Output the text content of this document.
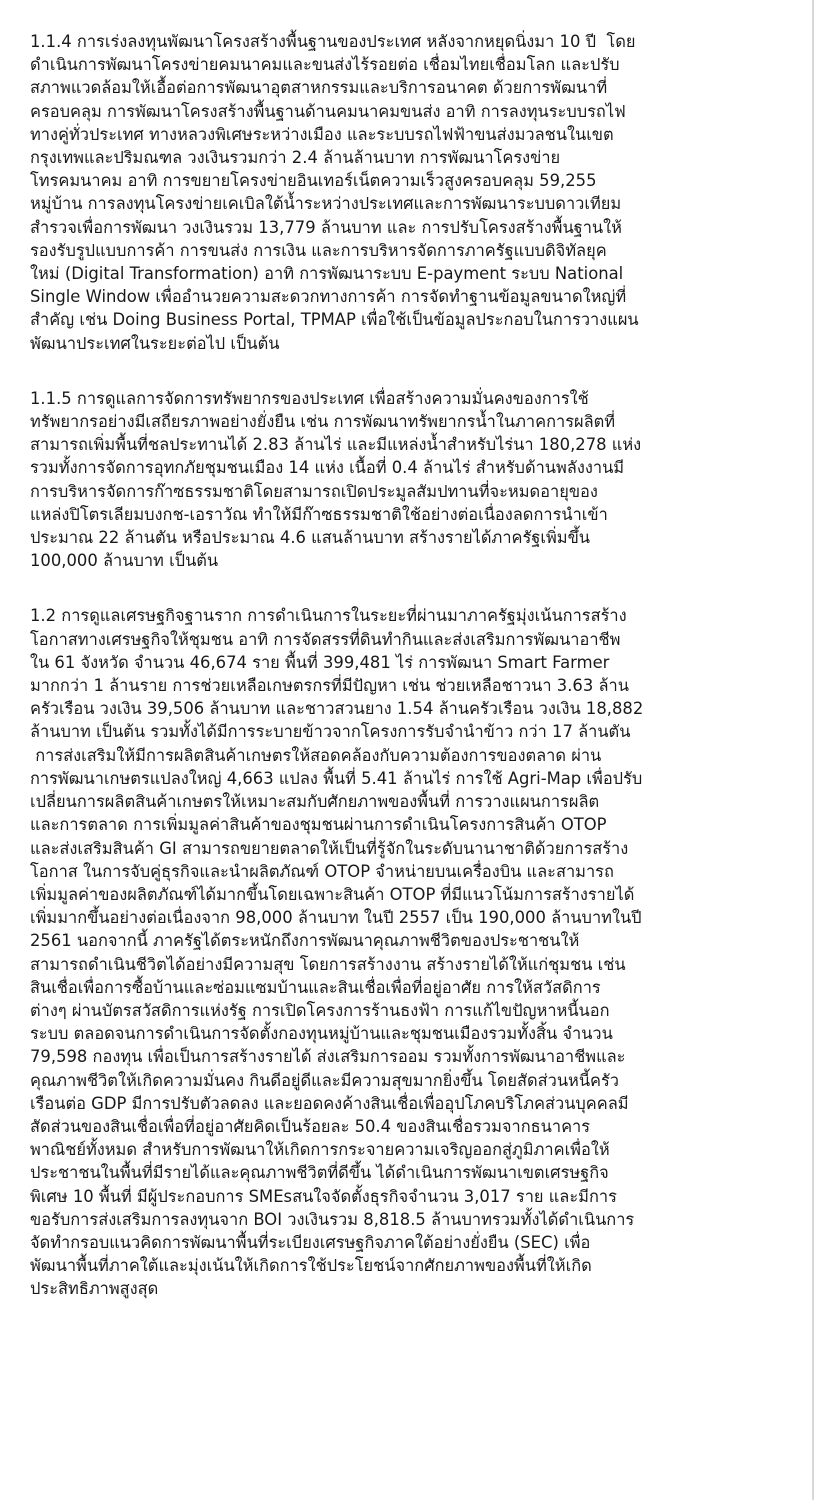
1.1.4 การเร่งลงทุนพัฒนาโครงสร้างพื้นฐานของประเทศ หลังจากหยุดนิ่งมา 10 ปี  โดย
ดำเนินการพัฒนาโครงข่ายคมนาคมและขนส่งไร้รอยต่อ เชื่อมไทยเชื่อมโลก และปรับ
สภาพแวดล้อมให้เอื้อต่อการพัฒนาอุตสาหกรรมและบริการอนาคต ด้วยการพัฒนาที่
ครอบคลุม การพัฒนาโครงสร้างพื้นฐานด้านคมนาคมขนส่ง อาทิ การลงทุนระบบรถไฟ
ทางคู่ทั่วประเทศ ทางหลวงพิเศษระหว่างเมือง และระบบรถไฟฟ้าขนส่งมวลชนในเขต
กรุงเทพและปริมณฑล วงเงินรวมกว่า 2.4 ล้านล้านบาท การพัฒนาโครงข่าย
โทรคมนาคม อาทิ การขยายโครงข่ายอินเทอร์เน็ตความเร็วสูงครอบคลุม 59,255
หมู่บ้าน การลงทุนโครงข่ายเคเบิลใต้น้ำระหว่างประเทศและการพัฒนาระบบดาวเทียม
สำรวจเพื่อการพัฒนา วงเงินรวม 13,779 ล้านบาท และ การปรับโครงสร้างพื้นฐานให้
รองรับรูปแบบการค้า การขนส่ง การเงิน และการบริหารจัดการภาครัฐแบบดิจิทัลยุค
ใหม่ (Digital Transformation) อาทิ การพัฒนาระบบ E-payment ระบบ National
Single Window เพื่ออำนวยความสะดวกทางการค้า การจัดทำฐานข้อมูลขนาดใหญ่ที่
สำคัญ เช่น Doing Business Portal, TPMAP เพื่อใช้เป็นข้อมูลประกอบในการวางแผน
พัฒนาประเทศในระยะต่อไป เป็นต้น

1.1.5 การดูแลการจัดการทรัพยากรของประเทศ เพื่อสร้างความมั่นคงของการใช้
ทรัพยากรอย่างมีเสถียรภาพอย่างยั่งยืน เช่น การพัฒนาทรัพยากรน้ำในภาคการผลิตที่
สามารถเพิ่มพื้นที่ชลประทานได้ 2.83 ล้านไร่ และมีแหล่งน้ำสำหรับไร่นา 180,278 แห่ง
รวมทั้งการจัดการอุทกภัยชุมชนเมือง 14 แห่ง เนื้อที่ 0.4 ล้านไร่ สำหรับด้านพลังงานมี
การบริหารจัดการก๊าซธรรมชาติโดยสามารถเปิดประมูลสัมปทานที่จะหมดอายุของ
แหล่งปิโตรเลียมบงกช-เอราวัณ ทำให้มีก๊าซธรรมชาติใช้อย่างต่อเนื่องลดการนำเข้า
ประมาณ 22 ล้านตัน หรือประมาณ 4.6 แสนล้านบาท สร้างรายได้ภาครัฐเพิ่มขึ้น
100,000 ล้านบาท เป็นต้น

1.2 การดูแลเศรษฐกิจฐานราก การดำเนินการในระยะที่ผ่านมาภาครัฐมุ่งเน้นการสร้าง
โอกาสทางเศรษฐกิจให้ชุมชน อาทิ การจัดสรรที่ดินทำกินและส่งเสริมการพัฒนาอาชีพ
ใน 61 จังหวัด จำนวน 46,674 ราย พื้นที่ 399,481 ไร่ การพัฒนา Smart Farmer
มากกว่า 1 ล้านราย การช่วยเหลือเกษตรกรที่มีปัญหา เช่น ช่วยเหลือชาวนา 3.63 ล้าน
ครัวเรือน วงเงิน 39,506 ล้านบาท และชาวสวนยาง 1.54 ล้านครัวเรือน วงเงิน 18,882
ล้านบาท เป็นต้น รวมทั้งได้มีการระบายข้าวจากโครงการรับจำนำข้าว กว่า 17 ล้านตัน
การส่งเสริมให้มีการผลิตสินค้าเกษตรให้สอดคล้องกับความต้องการของตลาด ผ่าน
การพัฒนาเกษตรแปลงใหญ่ 4,663 แปลง พื้นที่ 5.41 ล้านไร่ การใช้ Agri-Map เพื่อปรับ
เปลี่ยนการผลิตสินค้าเกษตรให้เหมาะสมกับศักยภาพของพื้นที่ การวางแผนการผลิต
และการตลาด การเพิ่มมูลค่าสินค้าของชุมชนผ่านการดำเนินโครงการสินค้า OTOP
และส่งเสริมสินค้า GI สามารถขยายตลาดให้เป็นที่รู้จักในระดับนานาชาติด้วยการสร้าง
โอกาส ในการจับคู่ธุรกิจและนำผลิตภัณฑ์ OTOP จำหน่ายบนเครื่องบิน และสามารถ
เพิ่มมูลค่าของผลิตภัณฑ์ได้มากขึ้นโดยเฉพาะสินค้า OTOP ที่มีแนวโน้มการสร้างรายได้
เพิ่มมากขึ้นอย่างต่อเนื่องจาก 98,000 ล้านบาท ในปี 2557 เป็น 190,000 ล้านบาทในปี
2561 นอกจากนี้ ภาครัฐได้ตระหนักถึงการพัฒนาคุณภาพชีวิตของประชาชนให้
สามารถดำเนินชีวิตได้อย่างมีความสุข โดยการสร้างงาน สร้างรายได้ให้แก่ชุมชน เช่น
สินเชื่อเพื่อการซื้อบ้านและซ่อมแซมบ้านและสินเชื่อเพื่อที่อยู่อาศัย การให้สวัสดิการ
ต่างๆ ผ่านบัตรสวัสดิการแห่งรัฐ การเปิดโครงการร้านธงฟ้า การแก้ไขปัญหาหนี้นอก
ระบบ ตลอดจนการดำเนินการจัดตั้งกองทุนหมู่บ้านและชุมชนเมืองรวมทั้งสิ้น จำนวน
79,598 กองทุน เพื่อเป็นการสร้างรายได้ ส่งเสริมการออม รวมทั้งการพัฒนาอาชีพและ
คุณภาพชีวิตให้เกิดความมั่นคง กินดีอยู่ดีและมีความสุขมากยิ่งขึ้น โดยสัดส่วนหนี้ครัว
เรือนต่อ GDP มีการปรับตัวลดลง และยอดคงค้างสินเชื่อเพื่ออุปโภคบริโภคส่วนบุคคลมี
สัดส่วนของสินเชื่อเพื่อที่อยู่อาศัยคิดเป็นร้อยละ 50.4 ของสินเชื่อรวมจากธนาคาร
พาณิชย์ทั้งหมด สำหรับการพัฒนาให้เกิดการกระจายความเจริญออกสู่ภูมิภาคเพื่อให้
ประชาชนในพื้นที่มีรายได้และคุณภาพชีวิตที่ดีขึ้น ได้ดำเนินการพัฒนาเขตเศรษฐกิจ
พิเศษ 10 พื้นที่ มีผู้ประกอบการ SMEsสนใจจัดตั้งธุรกิจจำนวน 3,017 ราย และมีการ
ขอรับการส่งเสริมการลงทุนจาก BOI วงเงินรวม 8,818.5 ล้านบาทรวมทั้งได้ดำเนินการ
จัดทำกรอบแนวคิดการพัฒนาพื้นที่ระเบียงเศรษฐกิจภาคใต้อย่างยั่งยืน (SEC) เพื่อ
พัฒนาพื้นที่ภาคใต้และมุ่งเน้นให้เกิดการใช้ประโยชน์จากศักยภาพของพื้นที่ให้เกิด
ประสิทธิภาพสูงสุด
